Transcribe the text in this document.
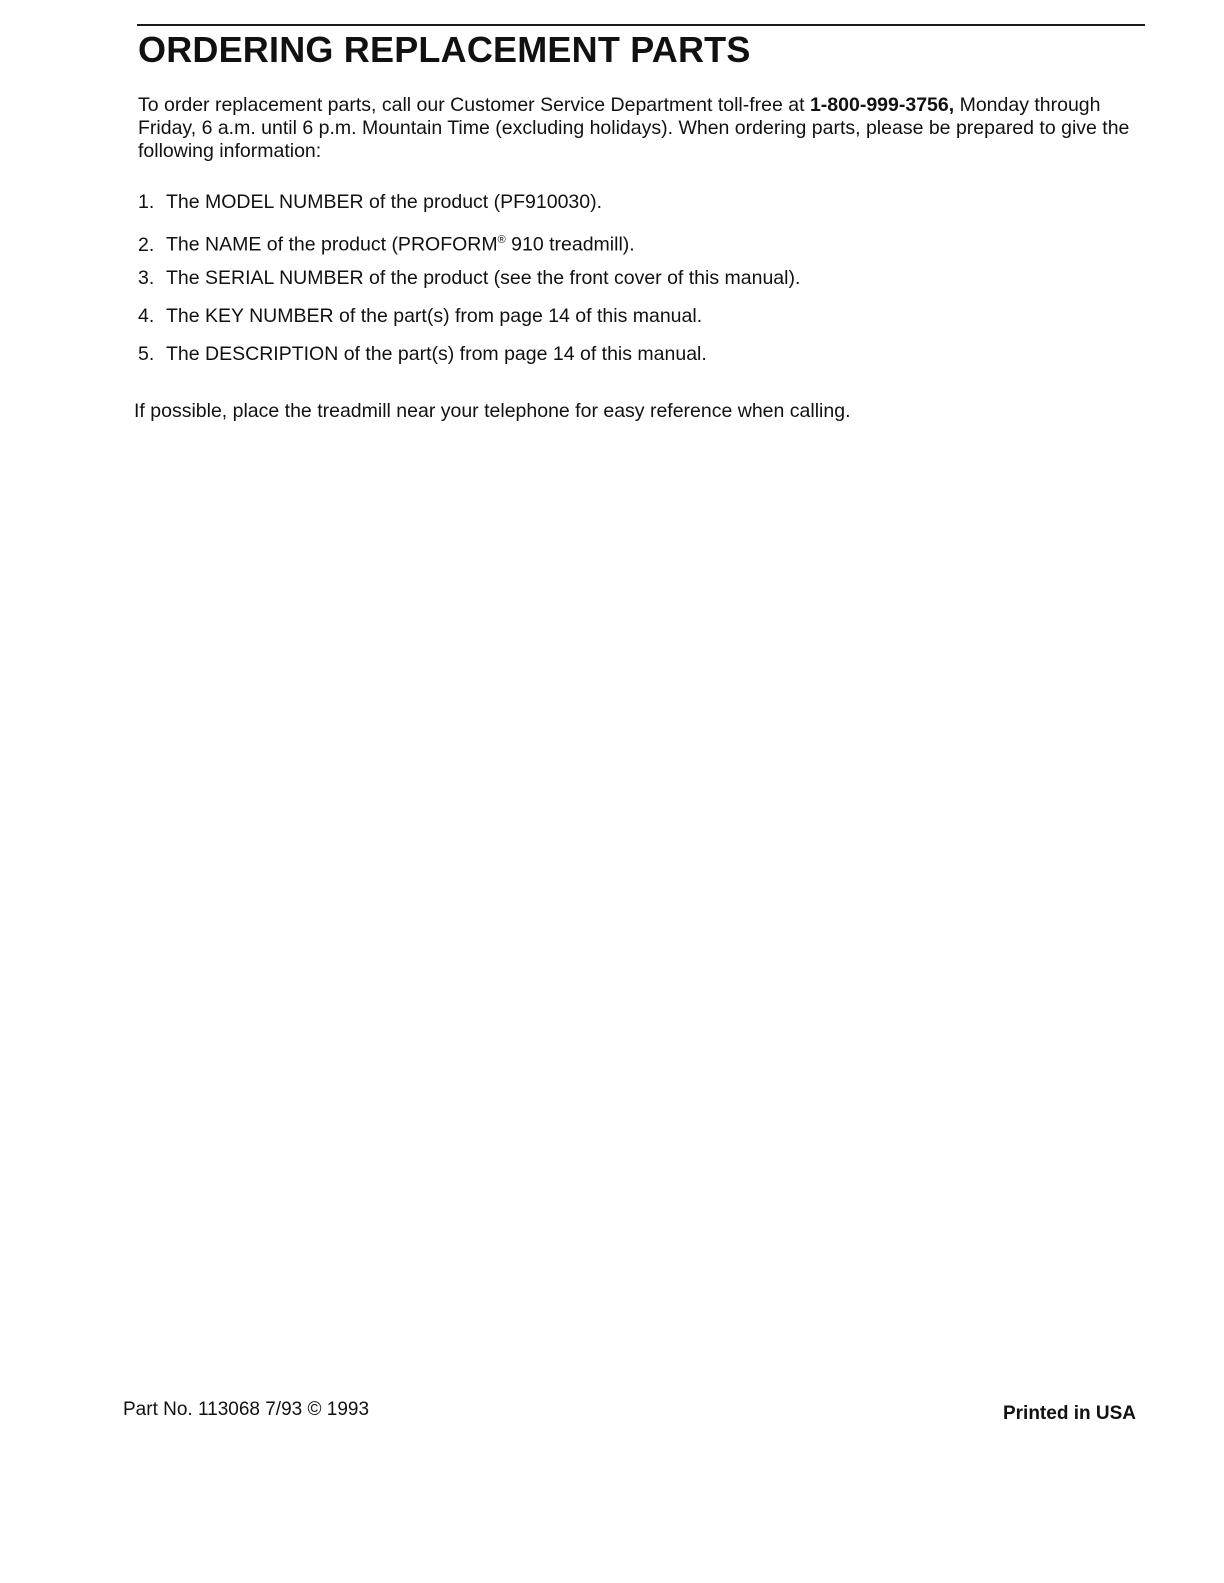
ORDERING REPLACEMENT PARTS

To order replacement parts, call our Customer Service Department toll-free at 1-800-999-3756, Monday through Friday, 6 a.m. until 6 p.m. Mountain Time (excluding holidays). When ordering parts, please be prepared to give the following information:

1. The MODEL NUMBER of the product (PF910030).
2. The NAME of the product (PROFORM® 910 treadmill).
3. The SERIAL NUMBER of the product (see the front cover of this manual).
4. The KEY NUMBER of the part(s) from page 14 of this manual.
5. The DESCRIPTION of the part(s) from page 14 of this manual.

If possible, place the treadmill near your telephone for easy reference when calling.

Part No. 113068 7/93 © 1993	Printed in USA
